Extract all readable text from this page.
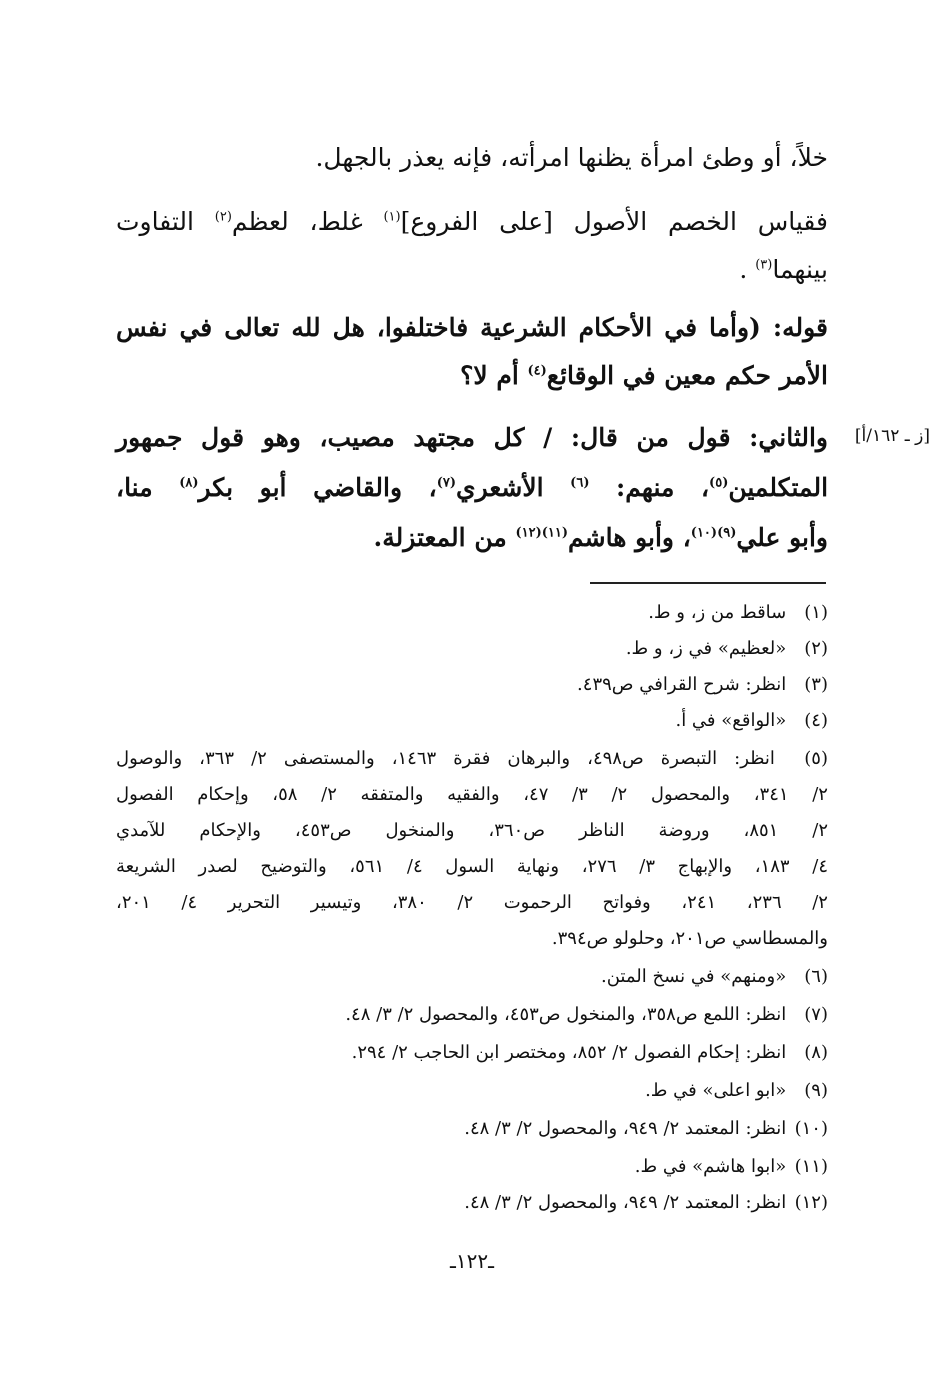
خلاً، أو وطئ امرأة يظنها امرأته، فإنه يعذر بالجهل.
فقياس الخصم الأصول [على الفروع]$^{(١)}$ غلط، لعظم$^{(٢)}$ التفاوت
بينهما$^{(٣)}$ .
قوله: (وأما في الأحكام الشرعية فاختلفوا، هل لله تعالى في نفس
الأمر حكم معين في الوقائع$^{(٤)}$ أم لا؟
[ز ـ ١٦٢/أ]
والثاني: قول من قال: / كل مجتهد مصيب، وهو قول جمهور
المتكلمين$^{(٥)}$، منهم: $^{(٦)}$ الأشعري$^{(٧)}$، والقاضي أبو بكر$^{(٨)}$ منا،
وأبو علي$^{(٩)(١٠)}$، وأبو هاشم$^{(١١)(١٢)}$ من المعتزلة.
(١) ساقط من ز، و ط.
(٢) «لعظيم» في ز، و ط.
(٣) انظر: شرح القرافي ص٤٣٩.
(٤) «الواقع» في أ.
(٥) انظر: التبصرة ص٤٩٨، والبرهان فقرة ١٤٦٣، والمستصفى ٢/ ٣٦٣، والوصول
٢/ ٣٤١، والمحصول ٢/ ٣/ ٤٧، والفقيه والمتفقه ٢/ ٥٨، وإحكام الفصول
٢/ ٨٥١، وروضة الناظر ص٣٦٠، والمنخول ص٤٥٣، والإحكام للآمدي
٤/ ١٨٣، والإبهاج ٣/ ٢٧٦، ونهاية السول ٤/ ٥٦١، والتوضيح لصدر الشريعة
٢/ ٢٣٦، ٢٤١، وفواتح الرحموت ٢/ ٣٨٠، وتيسير التحرير ٤/ ٢٠١،
والمسطاسي ص٢٠١، وحلولو ص٣٩٤.
(٦) «ومنهم» في نسخ المتن.
(٧) انظر: اللمع ص٣٥٨، والمنخول ص٤٥٣، والمحصول ٢/ ٣/ ٤٨.
(٨) انظر: إحكام الفصول ٢/ ٨٥٢، ومختصر ابن الحاجب ٢/ ٢٩٤.
(٩) «ابو اعلى» في ط.
(١٠) انظر: المعتمد ٢/ ٩٤٩، والمحصول ٢/ ٣/ ٤٨.
(١١) «ابوا هاشم» في ط.
(١٢) انظر: المعتمد ٢/ ٩٤٩، والمحصول ٢/ ٣/ ٤٨.
ـ١٢٢ـ
